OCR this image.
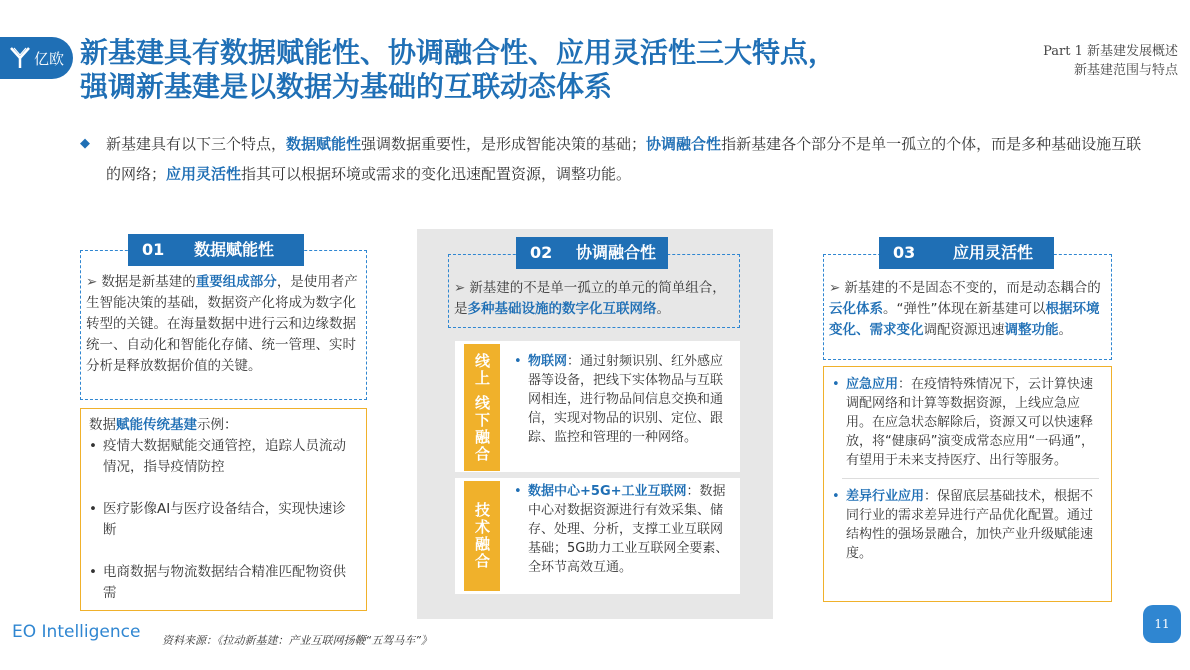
亿欧 新基建具有数据赋能性、协调融合性、应用灵活性三大特点，
强调新基建是以数据为基础的互联动态体系
Part 1 新基建发展概述
新基建范围与特点
◆	新基建具有以下三个特点，数据赋能性强调数据重要性，是形成智能决策的基础；协调融合性指新基建各个部分不是单一孤立的个体，而是多种基础设施互联的网络；应用灵活性指其可以根据环境或需求的变化迅速配置资源，调整功能。
01 数据赋能性
➢ 数据是新基建的重要组成部分，是使用者产生智能决策的基础，数据资产化将成为数字化转型的关键。在海量数据中进行云和边缘数据统一、自动化和智能化存储、统一管理、实时分析是释放数据价值的关键。
数据赋能传统基建示例：
• 疫情大数据赋能交通管控，追踪人员流动情况，指导疫情防控
• 医疗影像AI与医疗设备结合，实现快速诊断
• 电商数据与物流数据结合精准匹配物资供需
02 协调融合性
➢ 新基建的不是单一孤立的单元的简单组合，是多种基础设施的数字化互联网络。
线上
线下融合
• 物联网：通过射频识别、红外感应器等设备，把线下实体物品与互联网相连，进行物品间信息交换和通信，实现对物品的识别、定位、跟踪、监控和管理的一种网络。
技术融合
• 数据中心+5G+工业互联网：数据中心对数据资源进行有效采集、储存、处理、分析，支撑工业互联网基础；5G助力工业互联网全要素、全环节高效互通。
03 应用灵活性
➢ 新基建的不是固态不变的，而是动态耦合的云化体系。“弹性”体现在新基建可以根据环境变化、需求变化调配资源迅速调整功能。
• 应急应用：在疫情特殊情况下，云计算快速调配网络和计算等数据资源，上线应急应用。在应急状态解除后，资源又可以快速释放，将“健康码”演变成常态应用“一码通”，有望用于未来支持医疗、出行等服务。
• 差异行业应用：保留底层基础技术，根据不同行业的需求差异进行产品优化配置。通过结构性的强场景融合，加快产业升级赋能速度。
EO Intelligence 资料来源：《拉动新基建：产业互联网扬鞭“五驾马车”》
11
